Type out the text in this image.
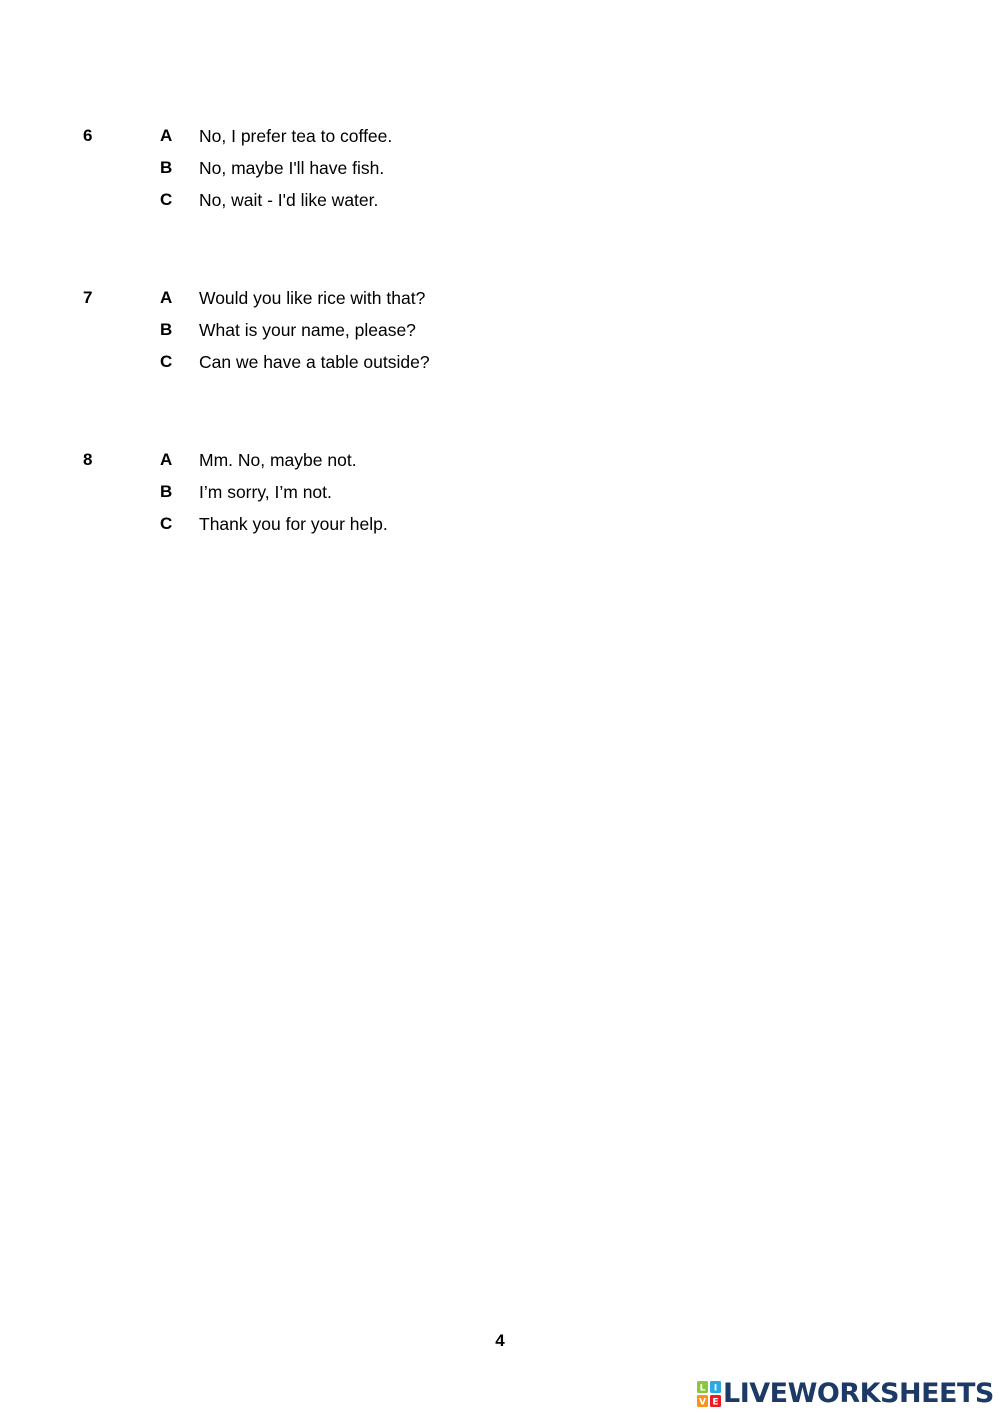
6	A No, I prefer tea to coffee.
B No, maybe I'll have fish.
C No, wait - I'd like water.
7	A Would you like rice with that?
B What is your name, please?
C Can we have a table outside?
8	A Mm. No, maybe not.
B I’m sorry, I’m not.
C Thank you for your help.
4
L I
V E LIVEWORKSHEETS
